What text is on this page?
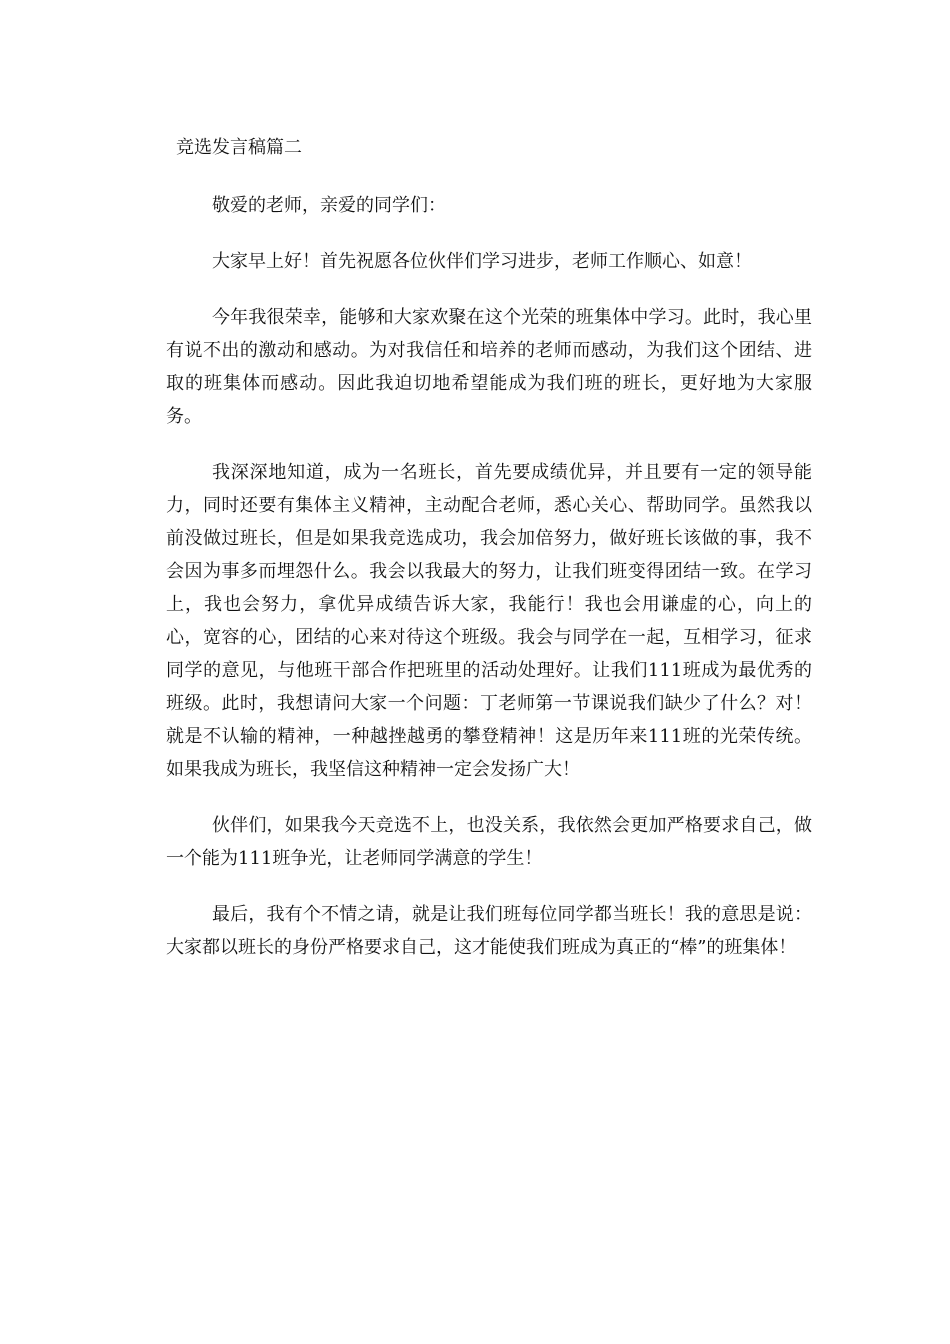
竞选发言稿篇二

敬爱的老师，亲爱的同学们：

大家早上好！首先祝愿各位伙伴们学习进步，老师工作顺心、如意！

今年我很荣幸，能够和大家欢聚在这个光荣的班集体中学习。此时，我心里有说不出的激动和感动。为对我信任和培养的老师而感动，为我们这个团结、进取的班集体而感动。因此我迫切地希望能成为我们班的班长，更好地为大家服务。

我深深地知道，成为一名班长，首先要成绩优异，并且要有一定的领导能力，同时还要有集体主义精神，主动配合老师，悉心关心、帮助同学。虽然我以前没做过班长，但是如果我竞选成功，我会加倍努力，做好班长该做的事，我不会因为事多而埋怨什么。我会以我最大的努力，让我们班变得团结一致。在学习上，我也会努力，拿优异成绩告诉大家，我能行！我也会用谦虚的心，向上的心，宽容的心，团结的心来对待这个班级。我会与同学在一起，互相学习，征求同学的意见，与他班干部合作把班里的活动处理好。让我们111班成为最优秀的班级。此时，我想请问大家一个问题：丁老师第一节课说我们缺少了什么？对！就是不认输的精神，一种越挫越勇的攀登精神！这是历年来111班的光荣传统。如果我成为班长，我坚信这种精神一定会发扬广大！

伙伴们，如果我今天竞选不上，也没关系，我依然会更加严格要求自己，做一个能为111班争光，让老师同学满意的学生！

最后，我有个不情之请，就是让我们班每位同学都当班长！我的意思是说：大家都以班长的身份严格要求自己，这才能使我们班成为真正的“棒”的班集体！
